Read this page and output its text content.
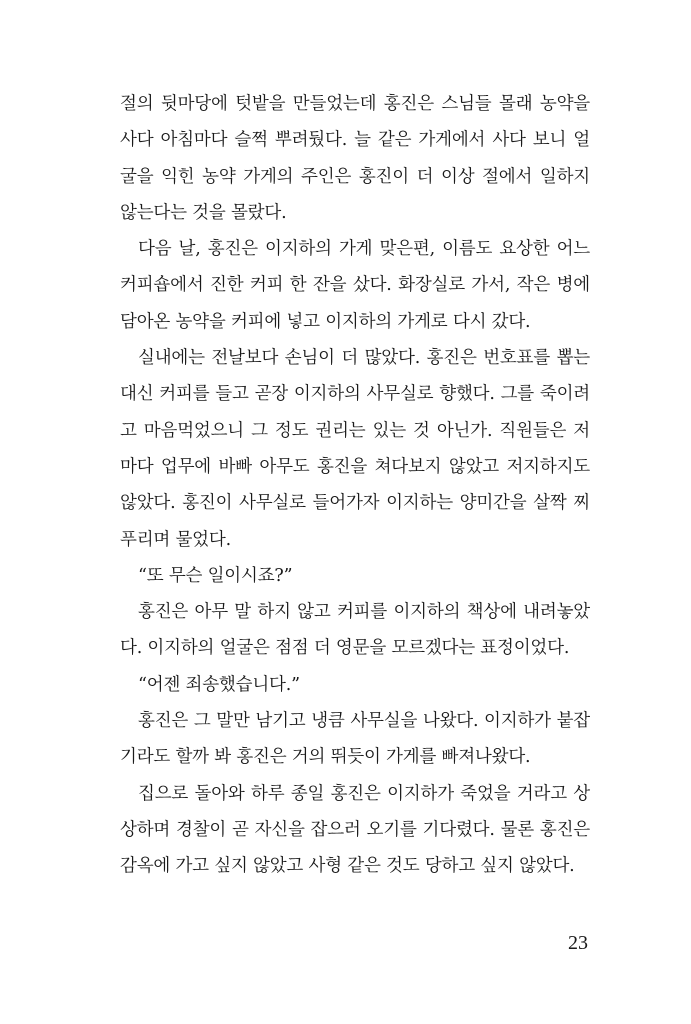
절의 뒷마당에 텃밭을 만들었는데 홍진은 스님들 몰래 농약을
사다 아침마다 슬쩍 뿌려뒀다. 늘 같은 가게에서 사다 보니 얼
굴을 익힌 농약 가게의 주인은 홍진이 더 이상 절에서 일하지
않는다는 것을 몰랐다.

다음 날, 홍진은 이지하의 가게 맞은편, 이름도 요상한 어느
커피숍에서 진한 커피 한 잔을 샀다. 화장실로 가서, 작은 병에
담아온 농약을 커피에 넣고 이지하의 가게로 다시 갔다.

실내에는 전날보다 손님이 더 많았다. 홍진은 번호표를 뽑는
대신 커피를 들고 곧장 이지하의 사무실로 향했다. 그를 죽이려
고 마음먹었으니 그 정도 권리는 있는 것 아닌가. 직원들은 저
마다 업무에 바빠 아무도 홍진을 쳐다보지 않았고 저지하지도
않았다. 홍진이 사무실로 들어가자 이지하는 양미간을 살짝 찌
푸리며 물었다.

“또 무슨 일이시죠?”

홍진은 아무 말 하지 않고 커피를 이지하의 책상에 내려놓았
다. 이지하의 얼굴은 점점 더 영문을 모르겠다는 표정이었다.

“어젠 죄송했습니다.”

홍진은 그 말만 남기고 냉큼 사무실을 나왔다. 이지하가 붙잡
기라도 할까 봐 홍진은 거의 뛰듯이 가게를 빠져나왔다.

집으로 돌아와 하루 종일 홍진은 이지하가 죽었을 거라고 상
상하며 경찰이 곧 자신을 잡으러 오기를 기다렸다. 물론 홍진은
감옥에 가고 싶지 않았고 사형 같은 것도 당하고 싶지 않았다.

23
